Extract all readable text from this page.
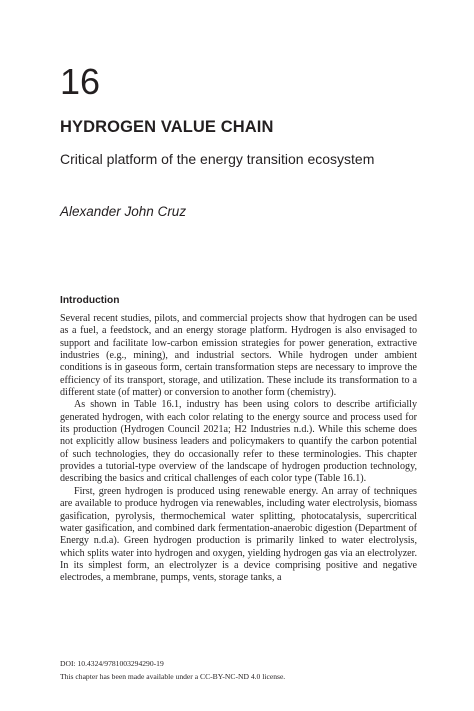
16
HYDROGEN VALUE CHAIN

Critical platform of the energy transition ecosystem

Alexander John Cruz

Introduction

Several recent studies, pilots, and commercial projects show that hydrogen can be used as a fuel, a feedstock, and an energy storage platform. Hydrogen is also envisaged to support and facilitate low-carbon emission strategies for power generation, extractive industries (e.g., mining), and industrial sectors. While hydrogen under ambient conditions is in gaseous form, certain transformation steps are necessary to improve the efficiency of its transport, storage, and utilization. These include its transformation to a different state (of matter) or conversion to another form (chemistry).

As shown in Table 16.1, industry has been using colors to describe artificially generated hydrogen, with each color relating to the energy source and process used for its production (Hydrogen Council 2021a; H2 Industries n.d.). While this scheme does not explicitly allow business leaders and policymakers to quantify the carbon potential of such technologies, they do occasionally refer to these terminologies. This chapter provides a tutorial-type overview of the landscape of hydrogen production technology, describing the basics and critical challenges of each color type (Table 16.1).

First, green hydrogen is produced using renewable energy. An array of techniques are available to produce hydrogen via renewables, including water electrolysis, biomass gasification, pyrolysis, thermochemical water splitting, photocatalysis, supercritical water gasification, and combined dark fermentation-anaerobic digestion (Department of Energy n.d.a). Green hydrogen production is primarily linked to water electrolysis, which splits water into hydrogen and oxygen, yielding hydrogen gas via an electrolyzer. In its simplest form, an electrolyzer is a device comprising positive and negative electrodes, a membrane, pumps, vents, storage tanks, a

DOI: 10.4324/9781003294290-19

This chapter has been made available under a CC-BY-NC-ND 4.0 license.
